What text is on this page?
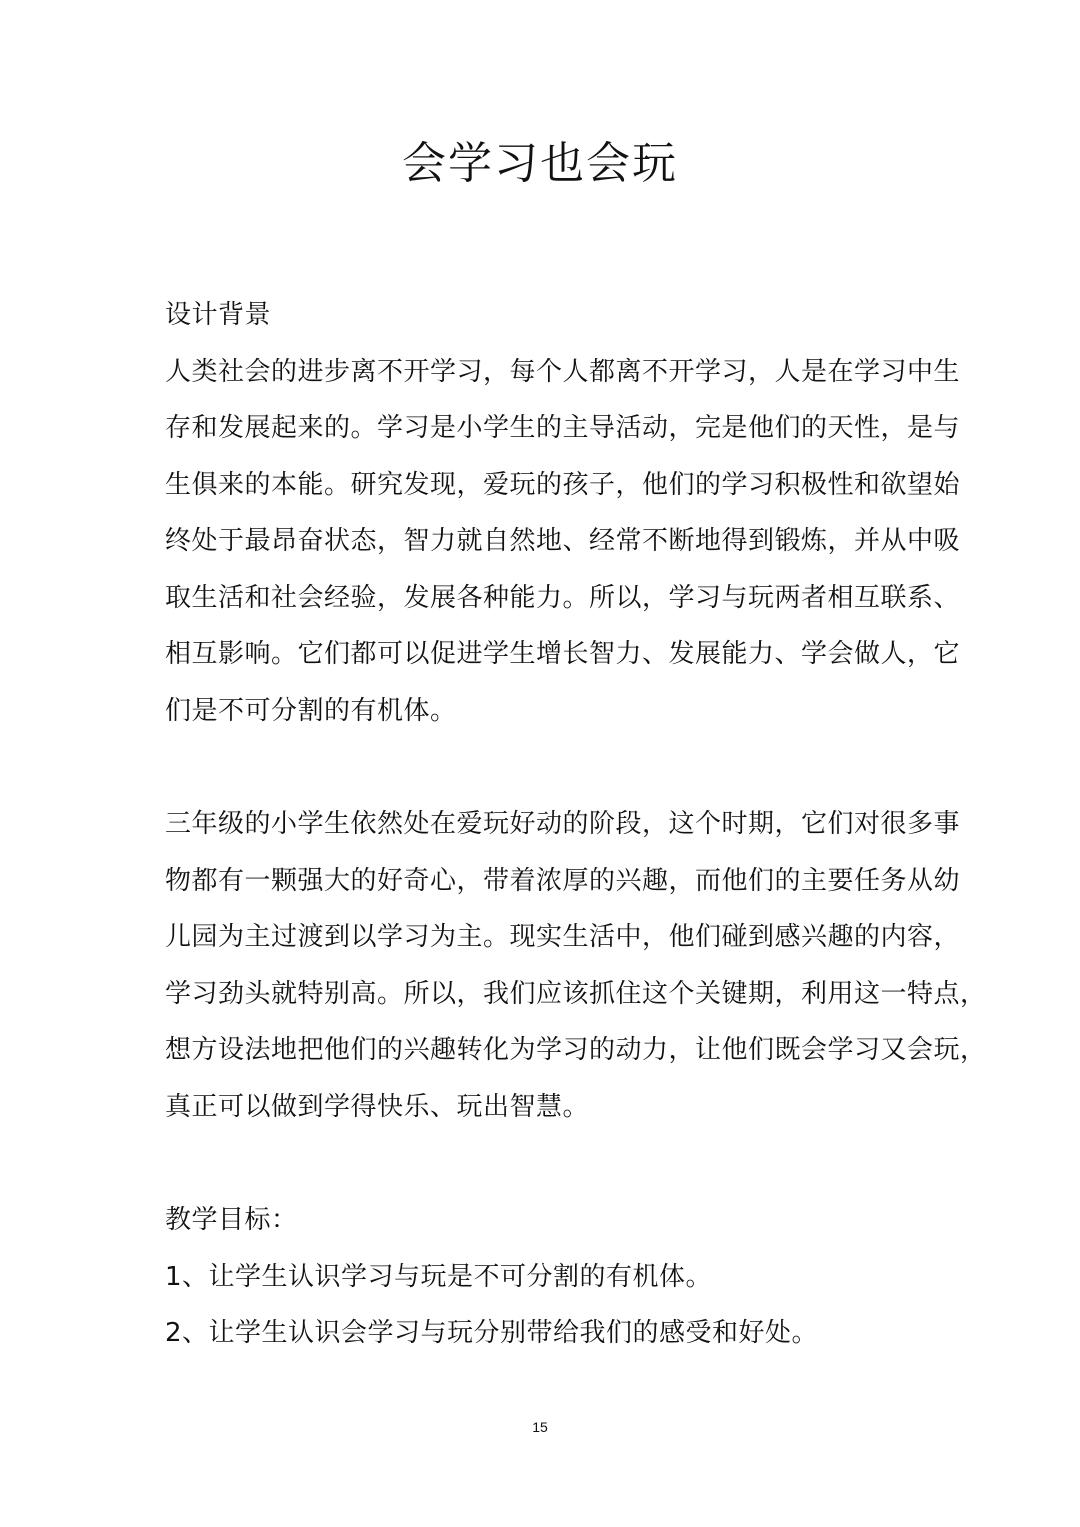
会学习也会玩
设计背景
人类社会的进步离不开学习，每个人都离不开学习，人是在学习中生
存和发展起来的。学习是小学生的主导活动，完是他们的天性，是与
生俱来的本能。研究发现，爱玩的孩子，他们的学习积极性和欲望始
终处于最昂奋状态，智力就自然地、经常不断地得到锻炼，并从中吸
取生活和社会经验，发展各种能力。所以，学习与玩两者相互联系、
相互影响。它们都可以促进学生增长智力、发展能力、学会做人，它
们是不可分割的有机体。
三年级的小学生依然处在爱玩好动的阶段，这个时期，它们对很多事
物都有一颗强大的好奇心，带着浓厚的兴趣，而他们的主要任务从幼
儿园为主过渡到以学习为主。现实生活中，他们碰到感兴趣的内容，
学习劲头就特别高。所以，我们应该抓住这个关键期，利用这一特点，
想方设法地把他们的兴趣转化为学习的动力，让他们既会学习又会玩，
真正可以做到学得快乐、玩出智慧。
教学目标：
1、让学生认识学习与玩是不可分割的有机体。
2、让学生认识会学习与玩分别带给我们的感受和好处。
15
